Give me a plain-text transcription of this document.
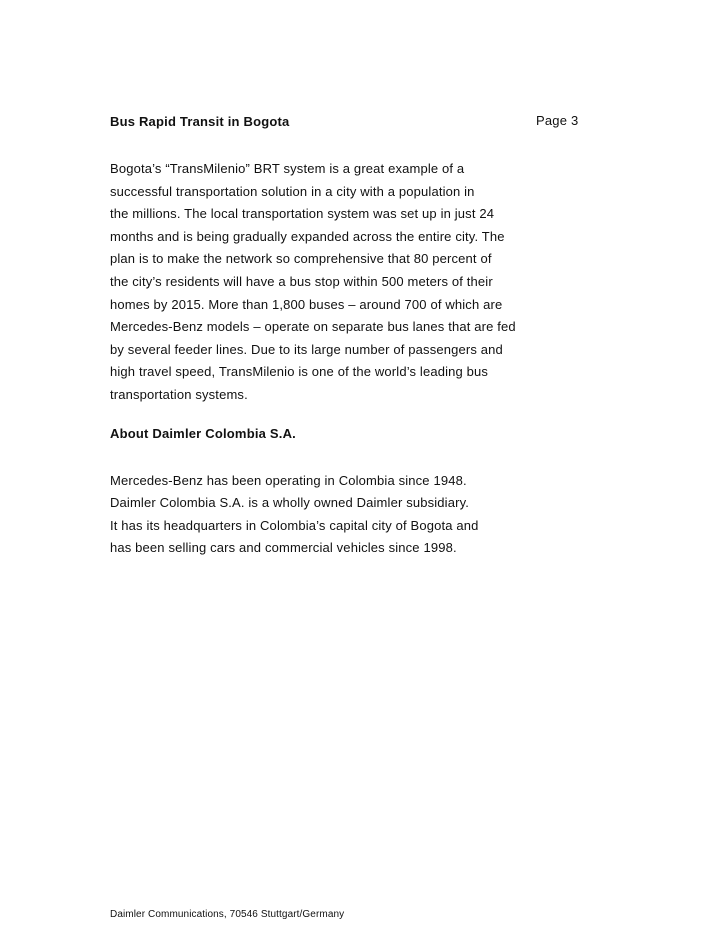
Page 3
Bus Rapid Transit in Bogota

Bogota’s “TransMilenio” BRT system is a great example of a
successful transportation solution in a city with a population in
the millions. The local transportation system was set up in just 24
months and is being gradually expanded across the entire city. The
plan is to make the network so comprehensive that 80 percent of
the city’s residents will have a bus stop within 500 meters of their
homes by 2015. More than 1,800 buses – around 700 of which are
Mercedes-Benz models – operate on separate bus lanes that are fed
by several feeder lines. Due to its large number of passengers and
high travel speed, TransMilenio is one of the world’s leading bus
transportation systems.

About Daimler Colombia S.A.

Mercedes-Benz has been operating in Colombia since 1948.
Daimler Colombia S.A. is a wholly owned Daimler subsidiary.
It has its headquarters in Colombia’s capital city of Bogota and
has been selling cars and commercial vehicles since 1998.

Daimler Communications, 70546 Stuttgart/Germany
